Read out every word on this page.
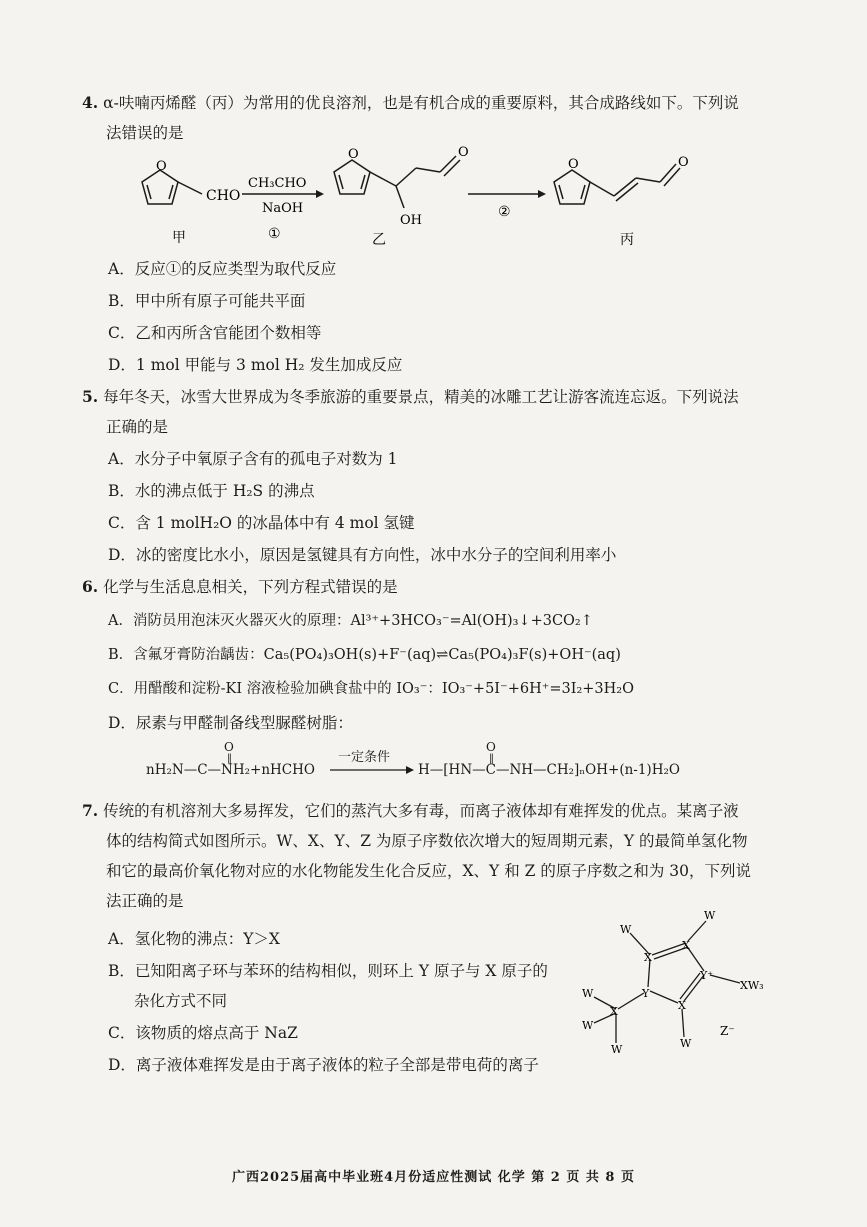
4. α-呋喃丙烯醛（丙）为常用的优良溶剂，也是有机合成的重要原料，其合成路线如下。下列说
法错误的是
O
CHO
甲
CH₃CHO
NaOH
①
O	O
OH
乙
②
O	O
丙
A．反应①的反应类型为取代反应
B．甲中所有原子可能共平面
C．乙和丙所含官能团个数相等
D．1 mol 甲能与 3 mol H₂ 发生加成反应
5. 每年冬天，冰雪大世界成为冬季旅游的重要景点，精美的冰雕工艺让游客流连忘返。下列说法
正确的是
A．水分子中氧原子含有的孤电子对数为 1
B．水的沸点低于 H₂S 的沸点
C．含 1 molH₂O 的冰晶体中有 4 mol 氢键
D．冰的密度比水小，原因是氢键具有方向性，冰中水分子的空间利用率小
6. 化学与生活息息相关，下列方程式错误的是
A．消防员用泡沫灭火器灭火的原理：Al³⁺+3HCO₃⁻=Al(OH)₃↓+3CO₂↑
B．含氟牙膏防治龋齿：Ca₅(PO₄)₃OH(s)+F⁻(aq)⇌Ca₅(PO₄)₃F(s)+OH⁻(aq)
C．用醋酸和淀粉-KI 溶液检验加碘食盐中的 IO₃⁻：IO₃⁻+5I⁻+6H⁺=3I₂+3H₂O
D．尿素与甲醛制备线型脲醛树脂：
O
‖
nH₂N—C—NH₂+nHCHO
一定条件
O
‖
H—[HN—C—NH—CH₂]ₙOH+(n-1)H₂O
7. 传统的有机溶剂大多易挥发，它们的蒸汽大多有毒，而离子液体却有难挥发的优点。某离子液
体的结构简式如图所示。W、X、Y、Z 为原子序数依次增大的短周期元素，Y 的最简单氢化物
和它的最高价氧化物对应的水化物能发生化合反应，X、Y 和 Z 的原子序数之和为 30，下列说
法正确的是
A．氢化物的沸点：Y＞X
B．已知阳离子环与苯环的结构相似，则环上 Y 原子与 X 原子的
杂化方式不同
C．该物质的熔点高于 NaZ
D．离子液体难挥发是由于离子液体的粒子全部是带电荷的离子
X
X
Y⁺
X
Y
X
W
W
XW₃
W
W
W	W
Z⁻
广西2025届高中毕业班4月份适应性测试 化学 第 2 页 共 8 页
